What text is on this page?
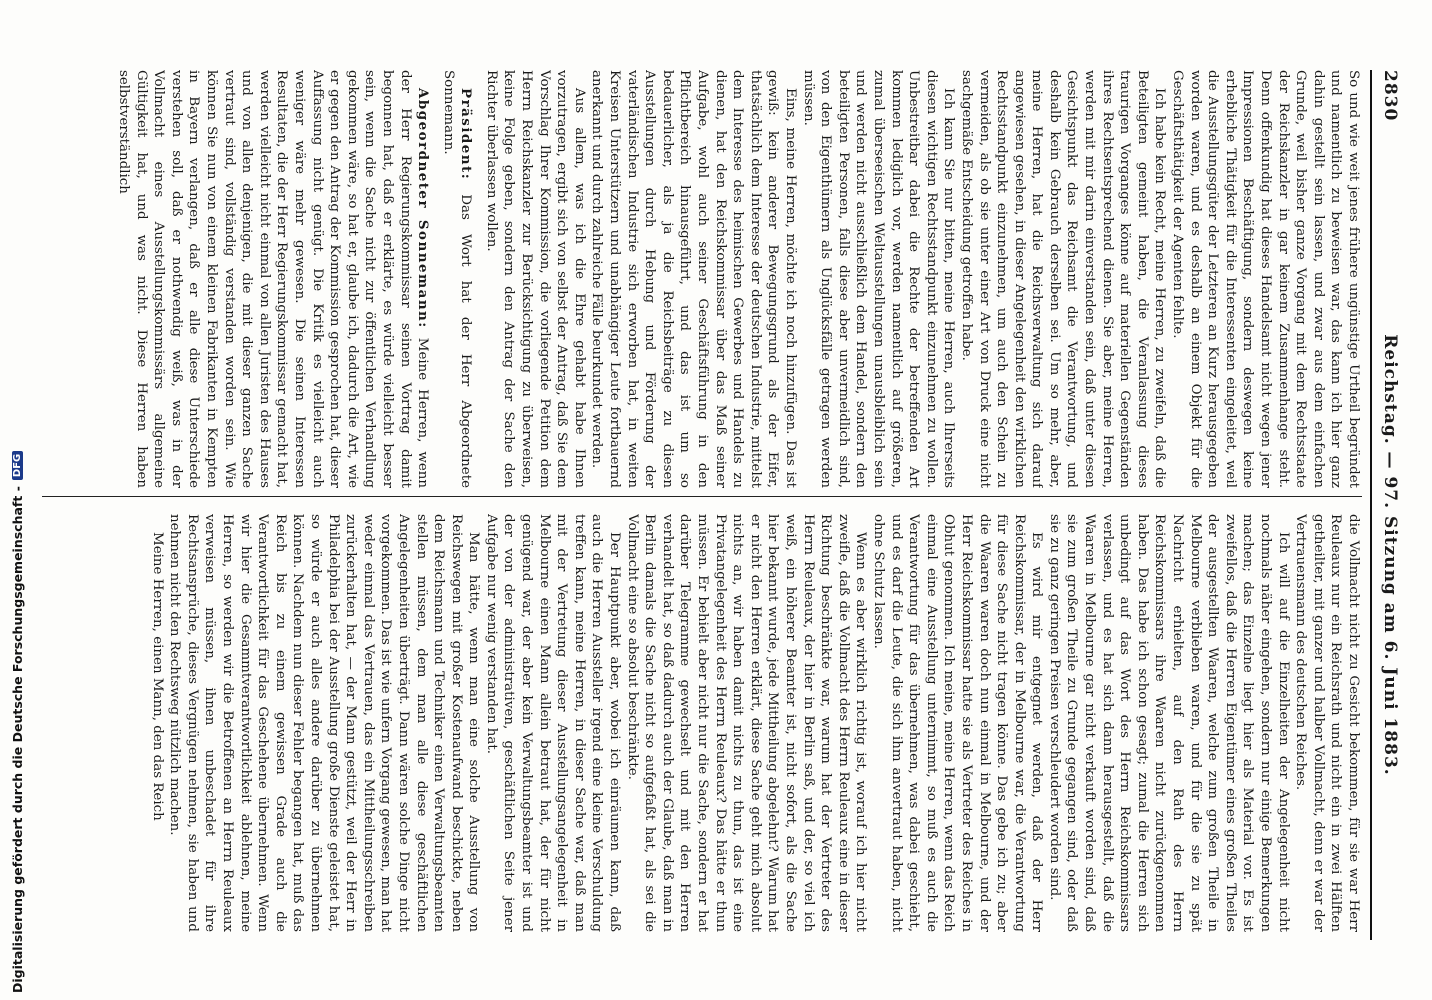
2830
Reichstag. — 97. Sitzung am 6. Juni 1883.

So und wie weit jenes frühere ungünstige Urtheil begründet und namentlich zu beweisen war, das kann ich hier ganz dahin gestellt sein lassen, und zwar aus dem einfachen Grunde, weil bisher ganze Vorgang mit dem Rechtsstaate der Reichskanzler in gar keinem Zusammenhange steht. Denn offenkundig hat dieses Handelsamt nicht wegen jener Impressionen Beschäftigung, sondern deswegen keine erhebliche Thätigkeit für die Interessenten eingeleitet, weil die Ausstellungsgüter der Letzteren an Kurz herausgegeben worden waren, und es deshalb an einem Objekt für die Geschäftsthätigkeit der Agenten fehlte.

Ich habe kein Recht, meine Herren, zu zweifeln, daß die Beteiligten gemeint haben, die Veranlassung dieses traurigen Vorganges könne auf materiellen Gegenständen ihres Rechtsentsprechend dienen. Sie aber, meine Herren, werden mit mir darin einverstanden sein, daß unter diesen Gesichtspunkt das Reichsamt die Verantwortung, und deshalb kein Gebrauch derselben sei. Um so mehr, aber, meine Herren, hat die Reichsverwaltung sich darauf angewiesen gesehen, in dieser Angelegenheit den wirklichen Rechtsstandpunkt einzunehmen, um auch den Schein zu vermeiden, als ob sie unter einer Art von Druck eine nicht sachgemäße Entscheidung getroffen habe.

Ich kann Sie nur bitten, meine Herren, auch Ihrerseits diesen wichtigen Rechtsstandpunkt einzunehmen zu wollen. Unbestreitbar dabei die Rechte der betreffenden Art kommen lediglich vor, werden namentlich auf größeren, zumal überseeischen Weltausstellungen unausbleiblich sein und werden nicht ausschließlich dem Handel, sondern den beteiligten Personen, falls diese aber unvermeidlich sind, von den Eigenthümern als Unglücksfälle getragen werden müssen.

Eins, meine Herren, möchte ich noch hinzufügen. Das ist gewiß: kein anderer Bewegungsgrund als der Eifer, thatsächlich dem Interesse der deutschen Industrie, mittelst dem Interesse des heimischen Gewerbes und Handels zu dienen, hat den Reichskommissar über das Maß seiner Aufgabe, wohl auch seiner Geschäftsführung in den Pflichtbereich hinausgeführt, und das ist um so bedauerlicher, als ja die Reichsbeiträge zu diesen Ausstellungen durch Hebung und Förderung der vaterländischen Industrie sich erworben hat, in weiten Kreisen Unterstützern und unabhängiger Leute fortbauernd anerkannt und durch zahlreiche Fälle beurkundet werden.

Aus allem, was ich die Ehre gehabt habe Ihnen vorzutragen, ergibt sich von selbst der Antrag, daß Sie dem Vorschlag Ihrer Kommission, die vorliegende Petition dem Herrn Reichskanzler zur Berücksichtigung zu überweisen, keine Folge geben, sondern den Antrag der Sache den Richter überlassen wollen.

Präsident: Das Wort hat der Herr Abgeordnete Sonnemann.

Abgeordneter Sonnemann: Meine Herren, wenn der Herr Regierungskommissar seinen Vortrag damit begonnen hat, daß er erklärte, es würde vielleicht besser sein, wenn die Sache nicht zur öffentlichen Verhandlung gekommen wäre, so hat er, glaube ich, dadurch die Art, wie er gegen den Antrag der Kommission gesprochen hat, dieser Auffassung nicht genügt. Die Kritik es vielleicht auch weniger wäre mehr gewesen. Die seinen Interessen Resultaten, die der Herr Regierungskommissar gemacht hat, werden vielleicht nicht einmal von allen Juristen des Hauses und von allen denjenigen, die mit dieser ganzen Sache vertraut sind, vollständig verstanden worden sein. Wie können Sie nun von einem kleinen Fabrikanten in Kempten in Bayern verlangen, daß er alle diese Unterschiede verstehen soll, daß er nothwendig weiß, was in der Vollmacht eines Ausstellungskommissärs allgemeine Gültigkeit hat, und was nicht. Diese Herren haben selbstverständlich

die Vollmacht nicht zu Gesicht bekommen, für sie war Herr Reuleaux nur ein Reichsrath und nicht ein in zwei Hälften getheilter, mit ganzer und halber Vollmacht, denn er war der Vertrauensmann des deutschen Reiches.

Ich will auf die Einzelheiten der Angelegenheit nicht nochmals näher eingehen, sondern nur einige Bemerkungen machen; das Einzelne liegt hier als Material vor. Es ist zweifellos, daß die Herren Eigentümer eines großen Theiles der ausgestellten Waaren, welche zum großen Theile in Melbourne verblieben waren, und für die sie zu spät Nachricht erhielten, auf den Rath des Herrn Reichskommissars ihre Waaren nicht zurückgenommen haben. Das habe ich schon gesagt; zumal die Herren sich unbedingt auf das Wort des Herrn Reichskommissars verlassen, und es hat sich dann herausgestellt, daß die Waaren in Melbourne gar nicht verkauft worden sind, daß sie zum großen Theile zu Grunde gegangen sind, oder daß sie zu ganz geringen Preisen verschleudert worden sind.

Es wird mir entgegnet werden, daß der Herr Reichskommissar, der in Melbourne war, die Verantwortung für diese Sache nicht tragen könne. Das gebe ich zu; aber die Waaren waren doch nun einmal in Melbourne, und der Herr Reichskommissar hatte sie als Vertreter des Reiches in Obhut genommen. Ich meine, meine Herren, wenn das Reich einmal eine Ausstellung unternimmt, so muß es auch die Verantwortung für das übernehmen, was dabei geschieht, und es darf die Leute, die sich ihm anvertraut haben, nicht ohne Schutz lassen.

Wenn es aber wirklich richtig ist, worauf ich hier nicht zweifle, daß die Vollmacht des Herrn Reuleaux eine in dieser Richtung beschränkte war, warum hat der Vertreter des Herrn Reuleaux, der hier in Berlin saß, und der, so viel ich weiß, ein höherer Beamter ist, nicht sofort, als die Sache hier bekannt wurde, jede Mittheilung abgelehnt? Warum hat er nicht den Herren erklärt, diese Sache geht mich absolut nichts an, wir haben damit nichts zu thun, das ist eine Privatangelegenheit des Herrn Reuleaux? Das hätte er thun müssen. Er behielt aber nicht nur die Sache, sondern er hat darüber Telegramme gewechselt und mit den Herren verhandelt hat, so daß dadurch auch der Glaube, daß man in Berlin damals die Sache nicht so aufgefaßt hat, als sei die Vollmacht eine so absolut beschränkte.

Der Hauptpunkt aber, wobei ich einräumen kann, daß auch die Herren Aussteller irgend eine kleine Verschuldung treffen kann, meine Herren, in dieser Sache war, daß man mit der Vertretung dieser Ausstellungsangelegenheit in Melbourne einen Mann allein betraut hat, der für nicht genügend war, der aber kein Verwaltungsbeamter ist und der von der administrativen, geschäftlichen Seite jener Aufgabe nur wenig verstanden hat.

Man hätte, wenn man eine solche Ausstellung von Reichswegen mit großer Kostenaufwand beschickte, neben dem Reichsmann und Techniker einen Verwaltungsbeamten stellen müssen, dem man alle diese geschäftlichen Angelegenheiten überträgt. Dann wären solche Dinge nicht vorgekommen. Das ist wie unfern Vorgang gewesen, man hat weder einmal das Vertrauen, das ein Mittheilungsschreiben zurückerhalten hat, — der Mann gestützt, weil der Herr in Philadelphia bei der Ausstellung große Dienste geleistet hat, so würde er auch alles andere darüber zu übernehmen können. Nachdem nun dieser Fehler begangen hat, muß das Reich bis zu einem gewissen Grade auch die Verantwortlichkeit für das Geschehene übernehmen. Wenn wir hier die Gesammtverantwortlichkeit ablehnen, meine Herren, so werden wir die Betroffenen an Herrn Reuleaux verweisen müssen, ihnen unbeschadet für ihre Rechtsansprüche, dieses Vergnügen nehmen, sie haben und nehmen nicht den Rechtsweg nützlich machen.

Meine Herren, einen Mann, den das Reich

Digitalisierung gefördert durch die Deutsche Forschungsgemeinschaft -
DFG
